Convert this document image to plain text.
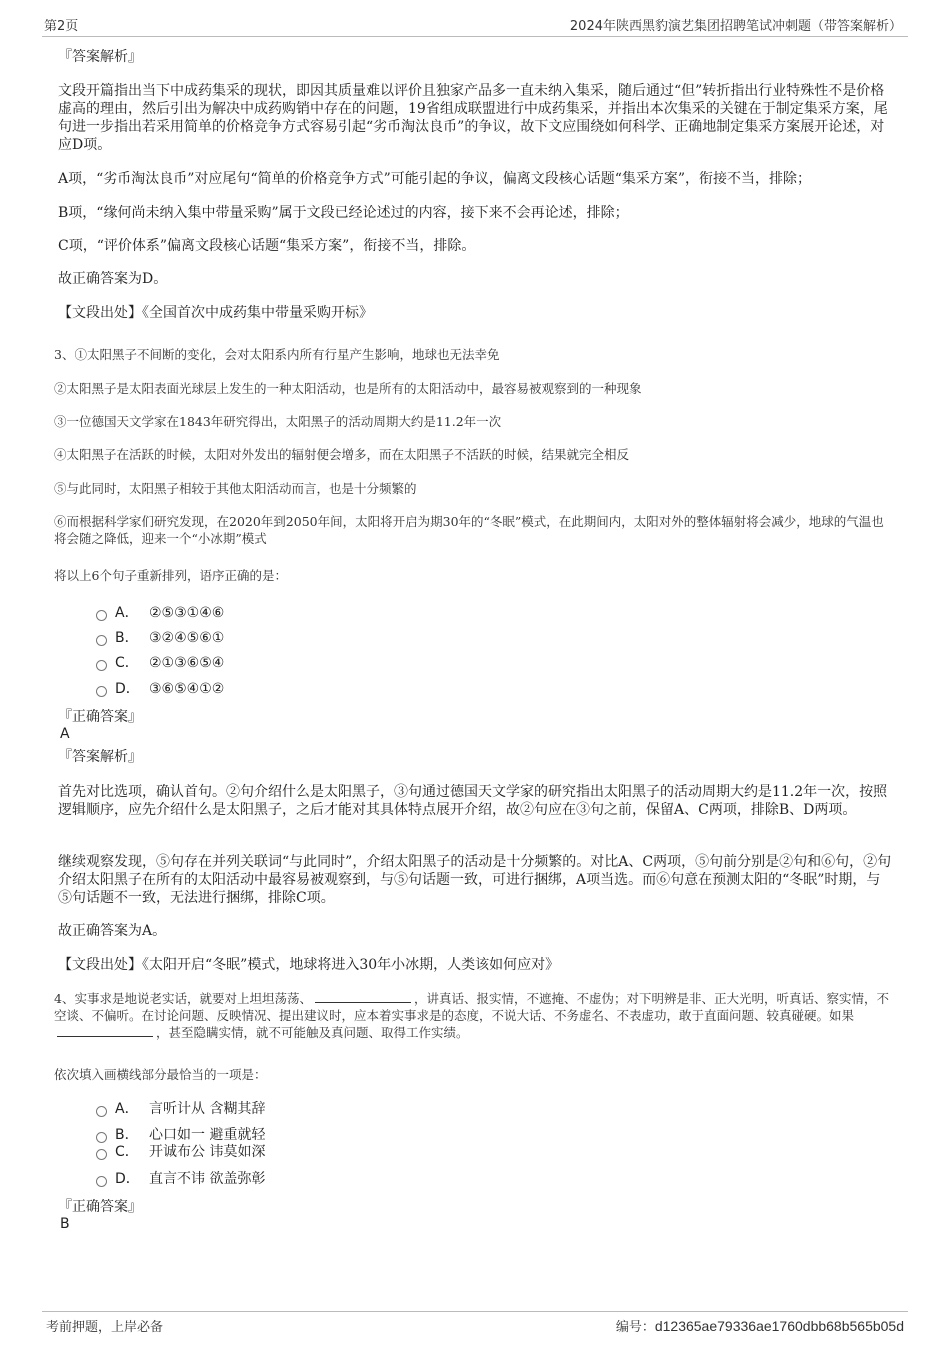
第2页	2024年陕西黑豹演艺集团招聘笔试冲刺题（带答案解析）
『答案解析』
文段开篇指出当下中成药集采的现状，即因其质量难以评价且独家产品多一直未纳入集采，随后通过“但”转折指出行业特殊性不是价格虚高的理由，然后引出为解决中成药购销中存在的问题，19省组成联盟进行中成药集采，并指出本次集采的关键在于制定集采方案，尾句进一步指出若采用简单的价格竞争方式容易引起“劣币淘汰良币”的争议，故下文应围绕如何科学、正确地制定集采方案展开论述，对应D项。
A项，“劣币淘汰良币”对应尾句“简单的价格竞争方式”可能引起的争议，偏离文段核心话题“集采方案”，衔接不当，排除；
B项，“缘何尚未纳入集中带量采购”属于文段已经论述过的内容，接下来不会再论述，排除；
C项，“评价体系”偏离文段核心话题“集采方案”，衔接不当，排除。
故正确答案为D。
【文段出处】《全国首次中成药集中带量采购开标》
3、①太阳黑子不间断的变化，会对太阳系内所有行星产生影响，地球也无法幸免
②太阳黑子是太阳表面光球层上发生的一种太阳活动，也是所有的太阳活动中，最容易被观察到的一种现象
③一位德国天文学家在1843年研究得出，太阳黑子的活动周期大约是11.2年一次
④太阳黑子在活跃的时候，太阳对外发出的辐射便会增多，而在太阳黑子不活跃的时候，结果就完全相反
⑤与此同时，太阳黑子相较于其他太阳活动而言，也是十分频繁的
⑥而根据科学家们研究发现，在2020年到2050年间，太阳将开启为期30年的“冬眠”模式，在此期间内，太阳对外的整体辐射将会减少，地球的气温也将会随之降低，迎来一个“小冰期”模式
将以上6个句子重新排列，语序正确的是：
A． ②⑤③①④⑥
B． ③②④⑤⑥①
C． ②①③⑥⑤④
D． ③⑥⑤④①②
『正确答案』
A
『答案解析』
首先对比选项，确认首句。②句介绍什么是太阳黑子，③句通过德国天文学家的研究指出太阳黑子的活动周期大约是11.2年一次，按照逻辑顺序，应先介绍什么是太阳黑子，之后才能对其具体特点展开介绍，故②句应在③句之前，保留A、C两项，排除B、D两项。
继续观察发现，⑤句存在并列关联词“与此同时”，介绍太阳黑子的活动是十分频繁的。对比A、C两项，⑤句前分别是②句和⑥句，②句介绍太阳黑子在所有的太阳活动中最容易被观察到，与⑤句话题一致，可进行捆绑，A项当选。而⑥句意在预测太阳的“冬眠”时期，与⑤句话题不一致，无法进行捆绑，排除C项。
故正确答案为A。
【文段出处】《太阳开启“冬眠”模式，地球将进入30年小冰期，人类该如何应对》
4、实事求是地说老实话，就要对上坦坦荡荡、	，讲真话、报实情，不遮掩、不虚伪；对下明辨是非、正大光明，听真话、察实情，不空谈、不偏听。在讨论问题、反映情况、提出建议时，应本着实事求是的态度，不说大话、不务虚名、不表虚功，敢于直面问题、较真碰硬。如果，甚至隐瞒实情，就不可能触及真问题、取得工作实绩。
依次填入画横线部分最恰当的一项是：
A． 言听计从 含糊其辞
B． 心口如一 避重就轻
C． 开诚布公 讳莫如深
D． 直言不讳 欲盖弥彰
『正确答案』
B
考前押题，上岸必备	编号：d12365ae79336ae1760dbb68b565b05d
